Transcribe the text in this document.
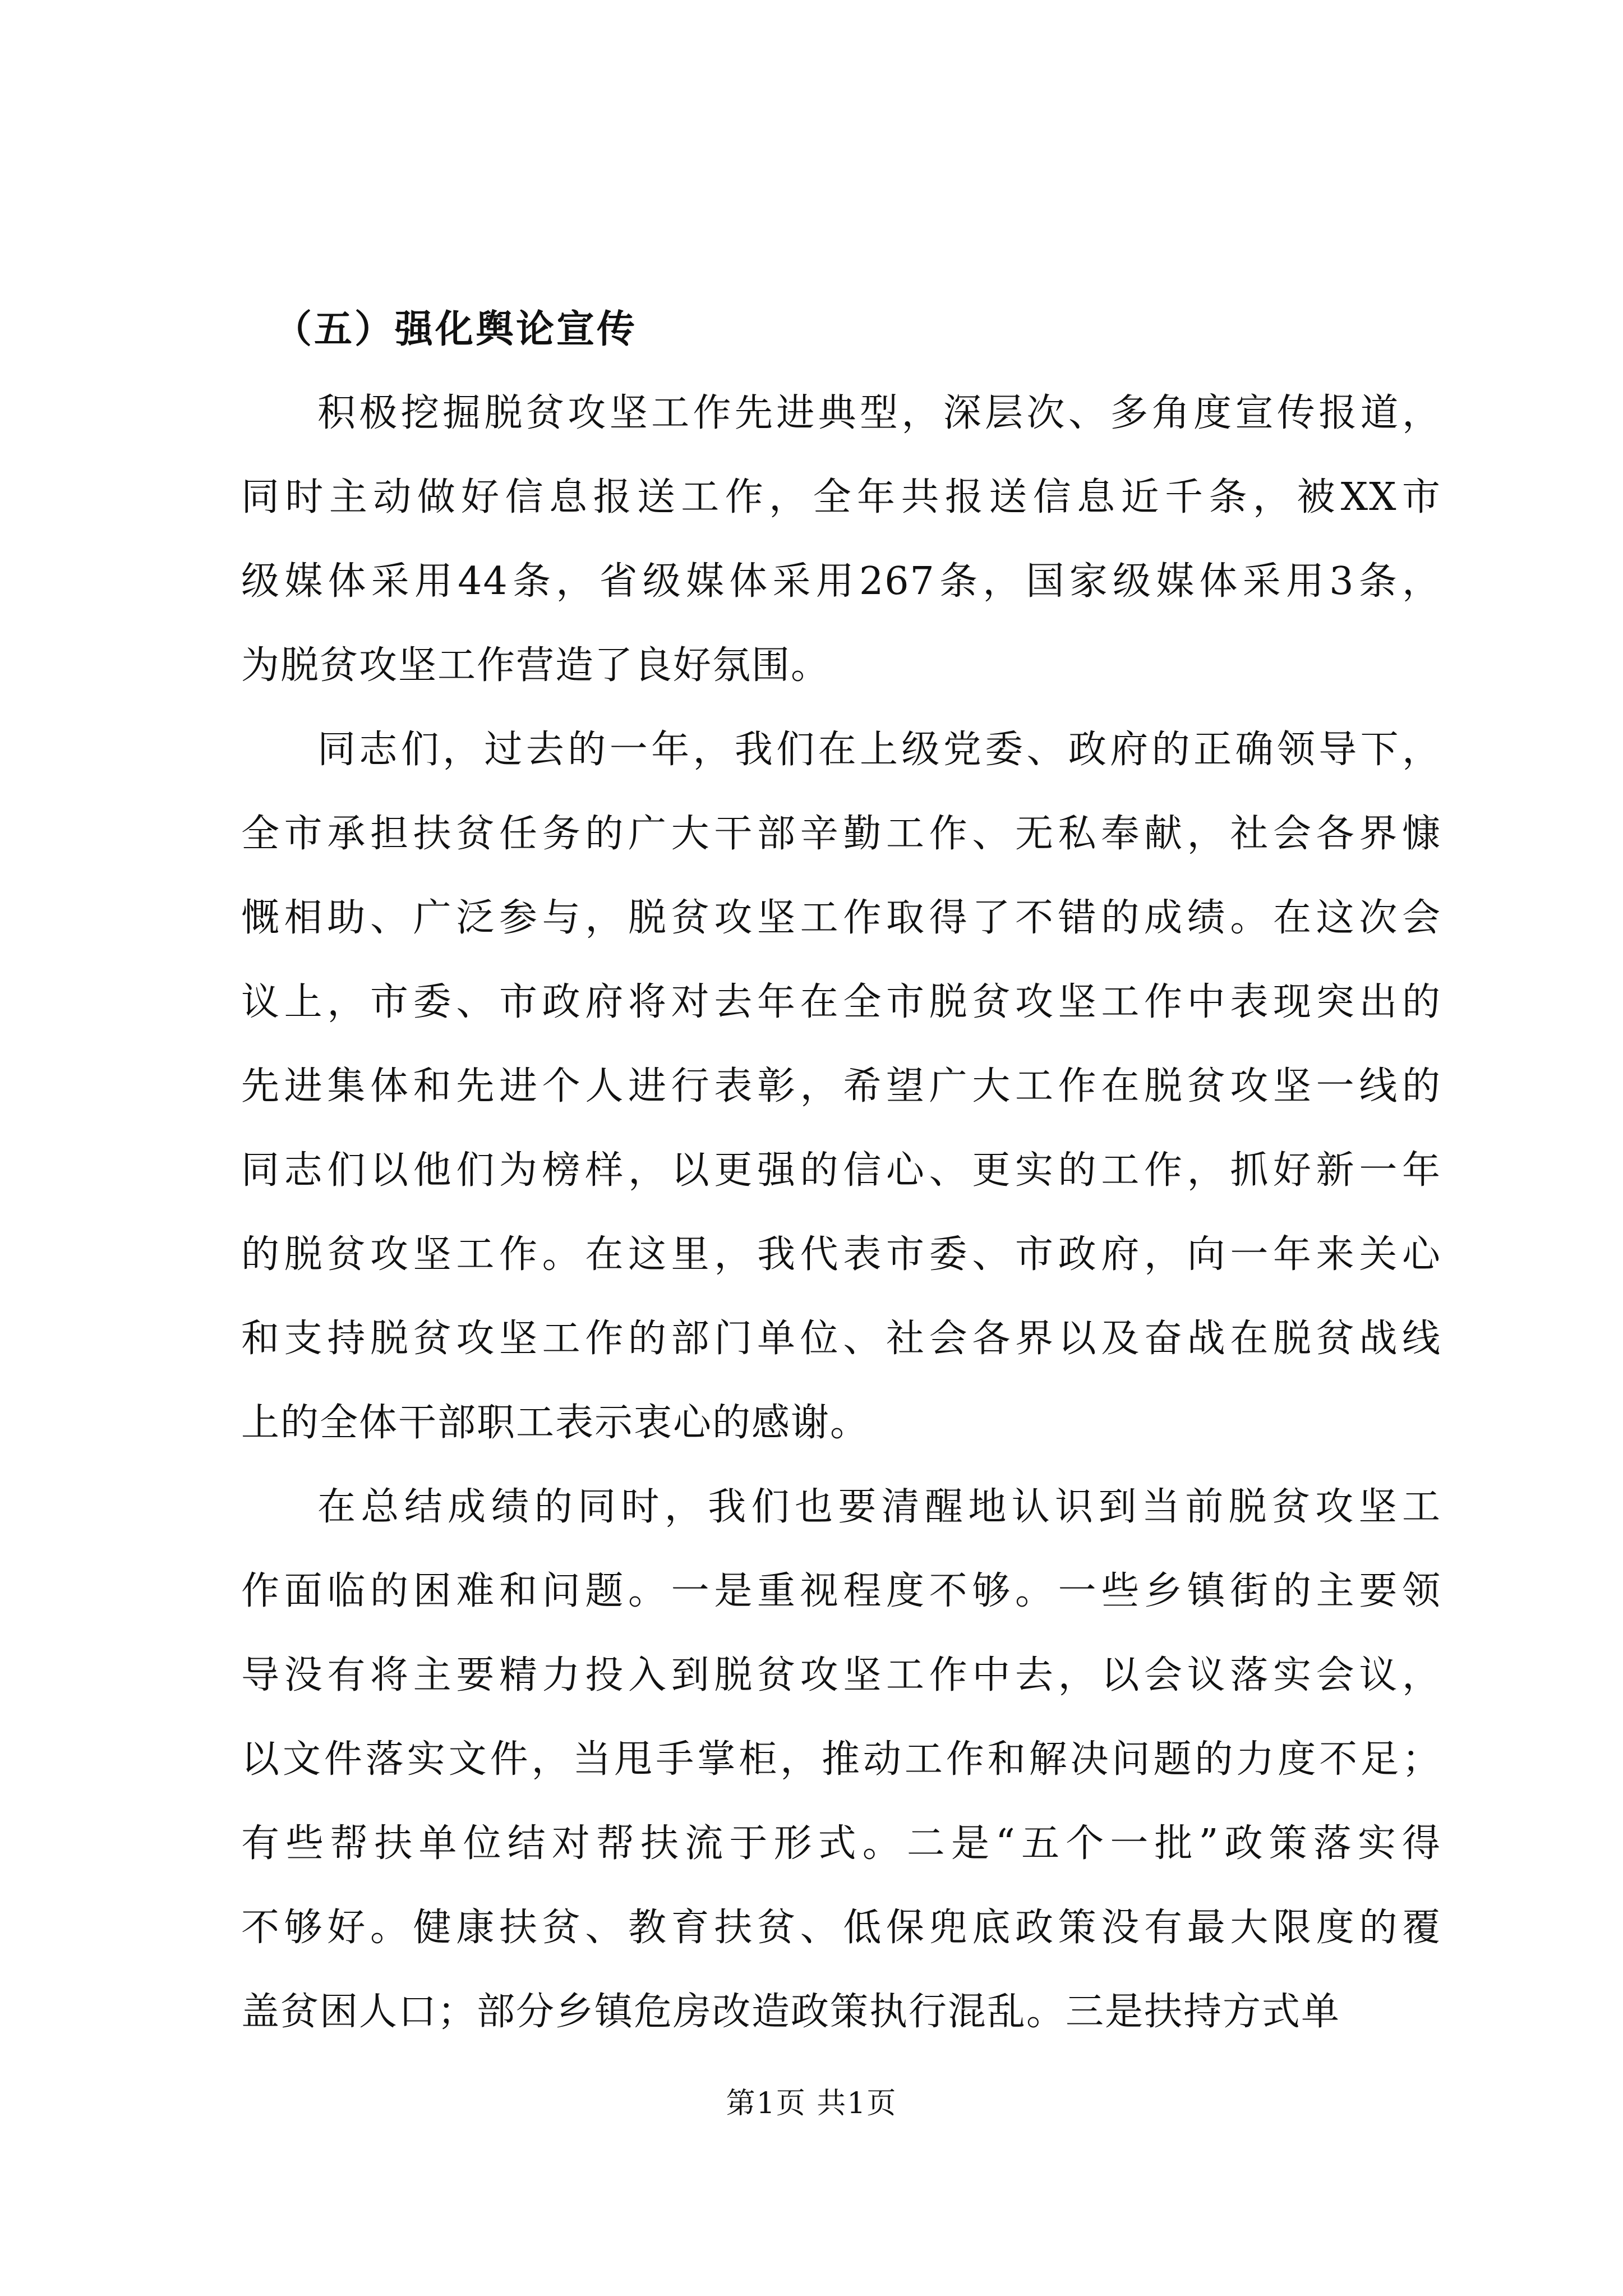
（五）强化舆论宣传
积极挖掘脱贫攻坚工作先进典型，深层次、多角度宣传报道，
同时主动做好信息报送工作，全年共报送信息近千条，被XX市
级媒体采用44条，省级媒体采用267条，国家级媒体采用3条，
为脱贫攻坚工作营造了良好氛围。
同志们，过去的一年，我们在上级党委、政府的正确领导下，
全市承担扶贫任务的广大干部辛勤工作、无私奉献，社会各界慷
慨相助、广泛参与，脱贫攻坚工作取得了不错的成绩。在这次会
议上，市委、市政府将对去年在全市脱贫攻坚工作中表现突出的
先进集体和先进个人进行表彰，希望广大工作在脱贫攻坚一线的
同志们以他们为榜样，以更强的信心、更实的工作，抓好新一年
的脱贫攻坚工作。在这里，我代表市委、市政府，向一年来关心
和支持脱贫攻坚工作的部门单位、社会各界以及奋战在脱贫战线
上的全体干部职工表示衷心的感谢。
在总结成绩的同时，我们也要清醒地认识到当前脱贫攻坚工
作面临的困难和问题。一是重视程度不够。一些乡镇街的主要领
导没有将主要精力投入到脱贫攻坚工作中去，以会议落实会议，
以文件落实文件，当甩手掌柜，推动工作和解决问题的力度不足；
有些帮扶单位结对帮扶流于形式。二是“五个一批”政策落实得
不够好。健康扶贫、教育扶贫、低保兜底政策没有最大限度的覆
盖贫困人口；部分乡镇危房改造政策执行混乱。三是扶持方式单
第1页 共1页
